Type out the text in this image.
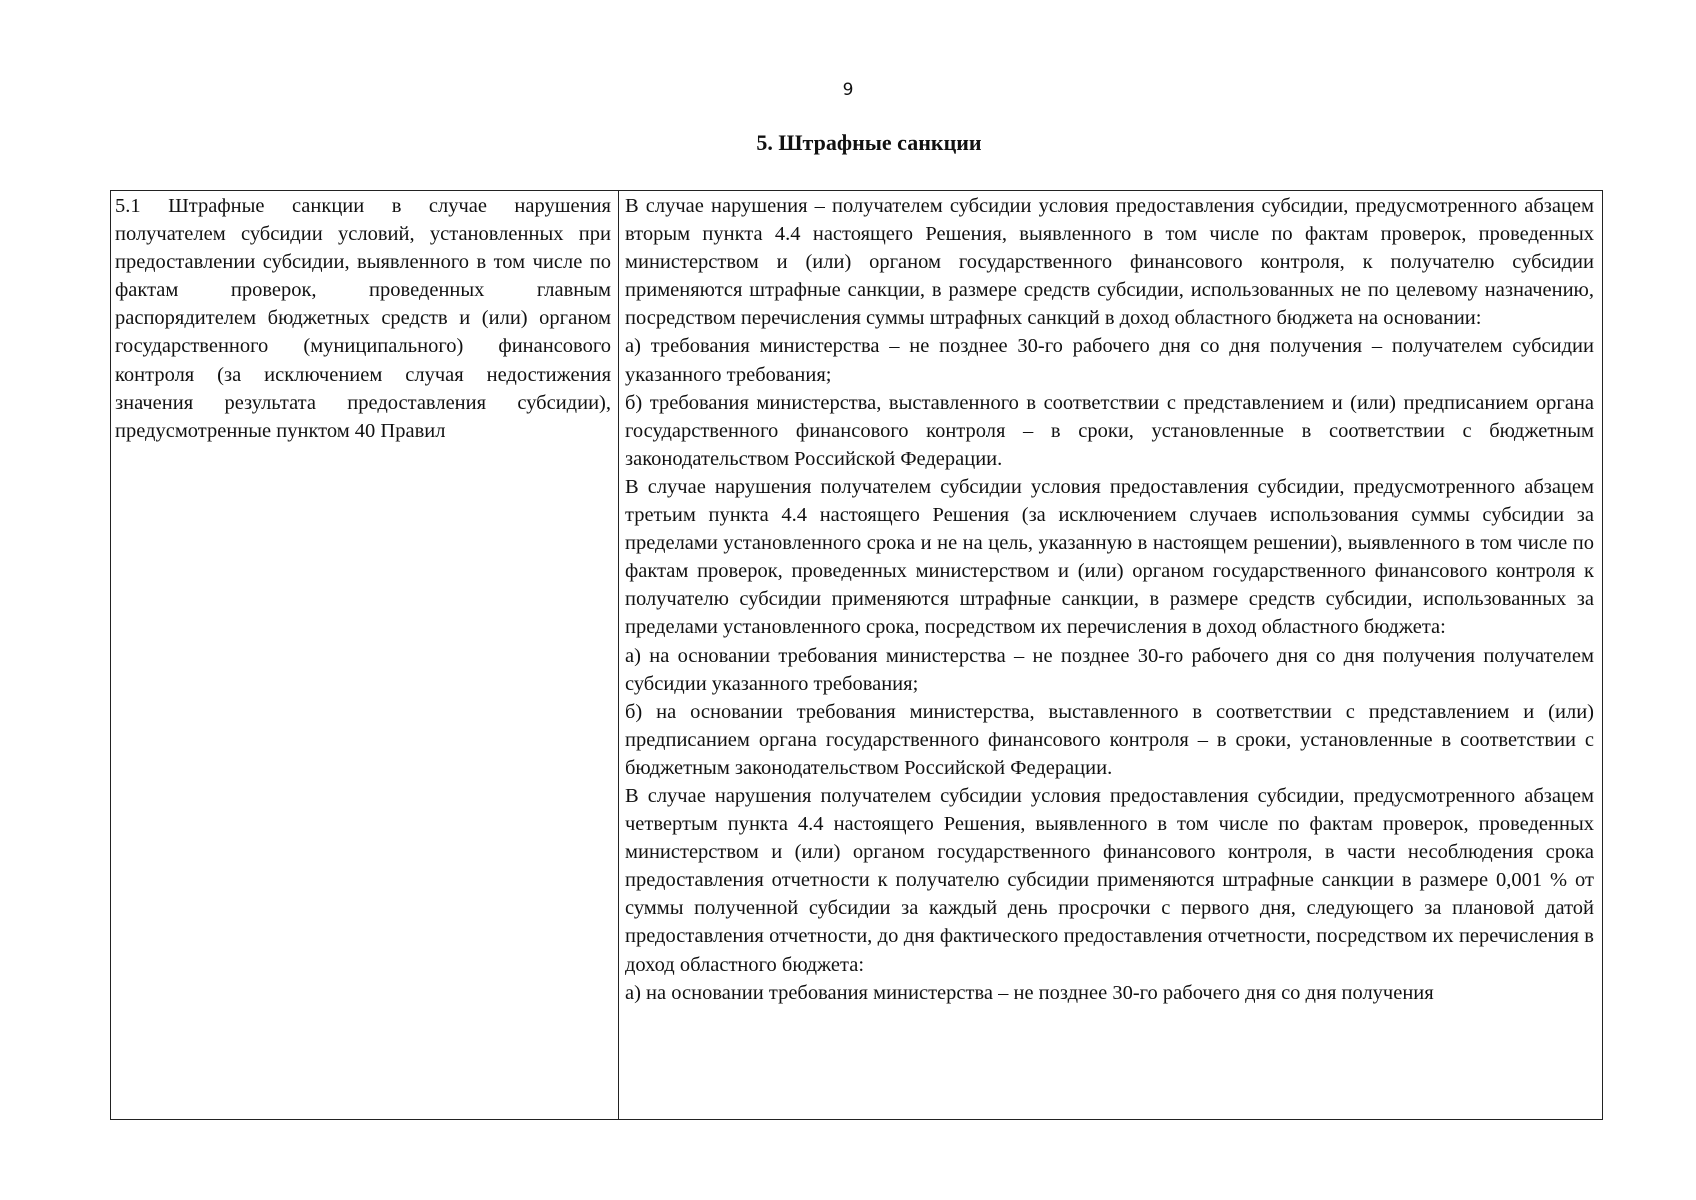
9
5. Штрафные санкции

5.1 Штрафные санкции в случае нарушения получателем субсидии условий, установленных при предоставлении субсидии, выявленного в том числе по фактам проверок, проведенных главным распорядителем бюджетных средств и (или) органом государственного (муниципального) финансового контроля (за исключением случая недостижения значения результата предоставления субсидии), предусмотренные пунктом 40 Правил

В случае нарушения – получателем субсидии условия предоставления субсидии, предусмотренного абзацем вторым пункта 4.4 настоящего Решения, выявленного в том числе по фактам проверок, проведенных министерством и (или) органом государственного финансового контроля, к получателю субсидии применяются штрафные санкции, в размере средств субсидии, использованных не по целевому назначению, посредством перечисления суммы штрафных санкций в доход областного бюджета на основании:

а) требования министерства – не позднее 30-го рабочего дня со дня получения – получателем субсидии указанного требования;

б) требования министерства, выставленного в соответствии с представлением и (или) предписанием органа государственного финансового контроля – в сроки, установленные в соответствии с бюджетным законодательством Российской Федерации.

В случае нарушения получателем субсидии условия предоставления субсидии, предусмотренного абзацем третьим пункта 4.4 настоящего Решения (за исключением случаев использования суммы субсидии за пределами установленного срока и не на цель, указанную в настоящем решении), выявленного в том числе по фактам проверок, проведенных министерством и (или) органом государственного финансового контроля к получателю субсидии применяются штрафные санкции, в размере средств субсидии, использованных за пределами установленного срока, посредством их перечисления в доход областного бюджета:

а) на основании требования министерства – не позднее 30-го рабочего дня со дня получения получателем субсидии указанного требования;

б) на основании требования министерства, выставленного в соответствии с представлением и (или) предписанием органа государственного финансового контроля – в сроки, установленные в соответствии с бюджетным законодательством Российской Федерации.

В случае нарушения получателем субсидии условия предоставления субсидии, предусмотренного абзацем четвертым пункта 4.4 настоящего Решения, выявленного в том числе по фактам проверок, проведенных министерством и (или) органом государственного финансового контроля, в части несоблюдения срока предоставления отчетности к получателю субсидии применяются штрафные санкции в размере 0,001 % от суммы полученной субсидии за каждый день просрочки с первого дня, следующего за плановой датой предоставления отчетности, до дня фактического предоставления отчетности, посредством их перечисления в доход областного бюджета:

а) на основании требования министерства – не позднее 30-го рабочего дня со дня получения
